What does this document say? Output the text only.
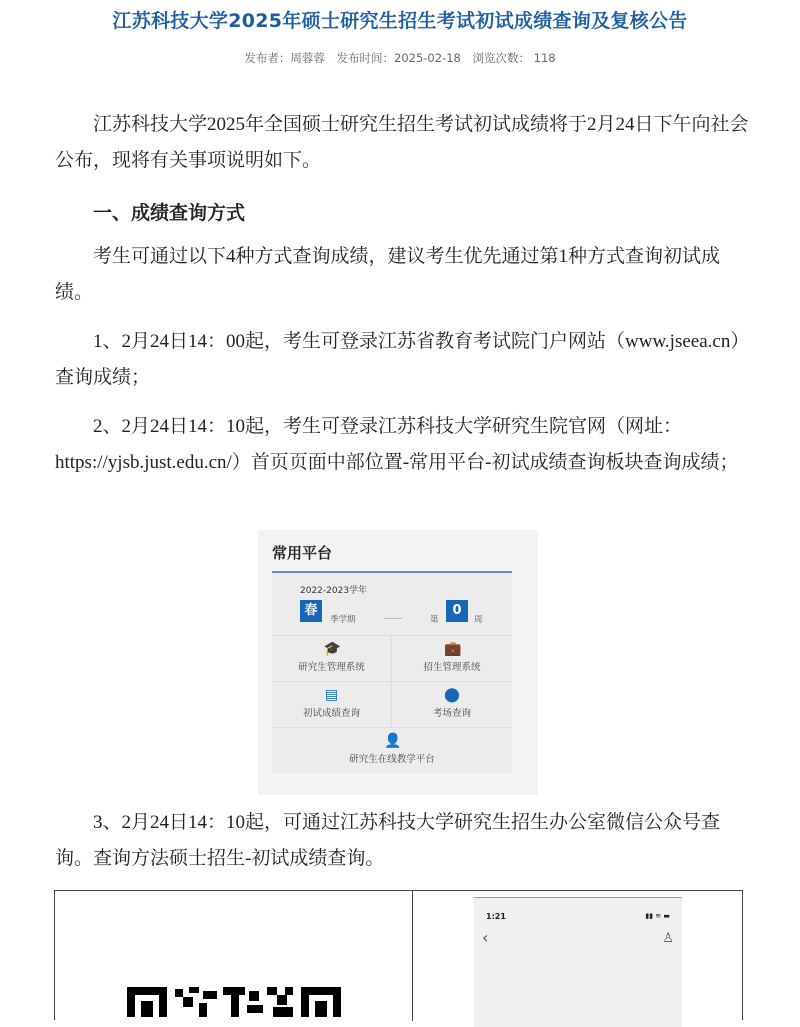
江苏科技大学2025年硕士研究生招生考试初试成绩查询及复核公告
发布者：周蓉蓉 发布时间：2025-02-18 浏览次数： 118
江苏科技大学2025年全国硕士研究生招生考试初试成绩将于2月24日下午向社会公布，现将有关事项说明如下。
一、成绩查询方式
考生可通过以下4种方式查询成绩，建议考生优先通过第1种方式查询初试成绩。
1、2月24日14：00起，考生可登录江苏省教育考试院门户网站（www.jseea.cn）查询成绩；
2、2月24日14：10起，考生可登录江苏科技大学研究生院官网（网址：https://yjsb.just.edu.cn/）首页页面中部位置-常用平台-初试成绩查询板块查询成绩；
常用平台
2022-2023学年
春
季学期	第
0
周
🎓
研究生管理系统
💼
招生管理系统
▤
初试成绩查询
⬤
考场查询
👤
研究生在线教学平台
3、2月24日14：10起，可通过江苏科技大学研究生招生办公室微信公众号查询。查询方法硕士招生-初试成绩查询。
1:21	▮▮ ≋ ▬
‹	♙
